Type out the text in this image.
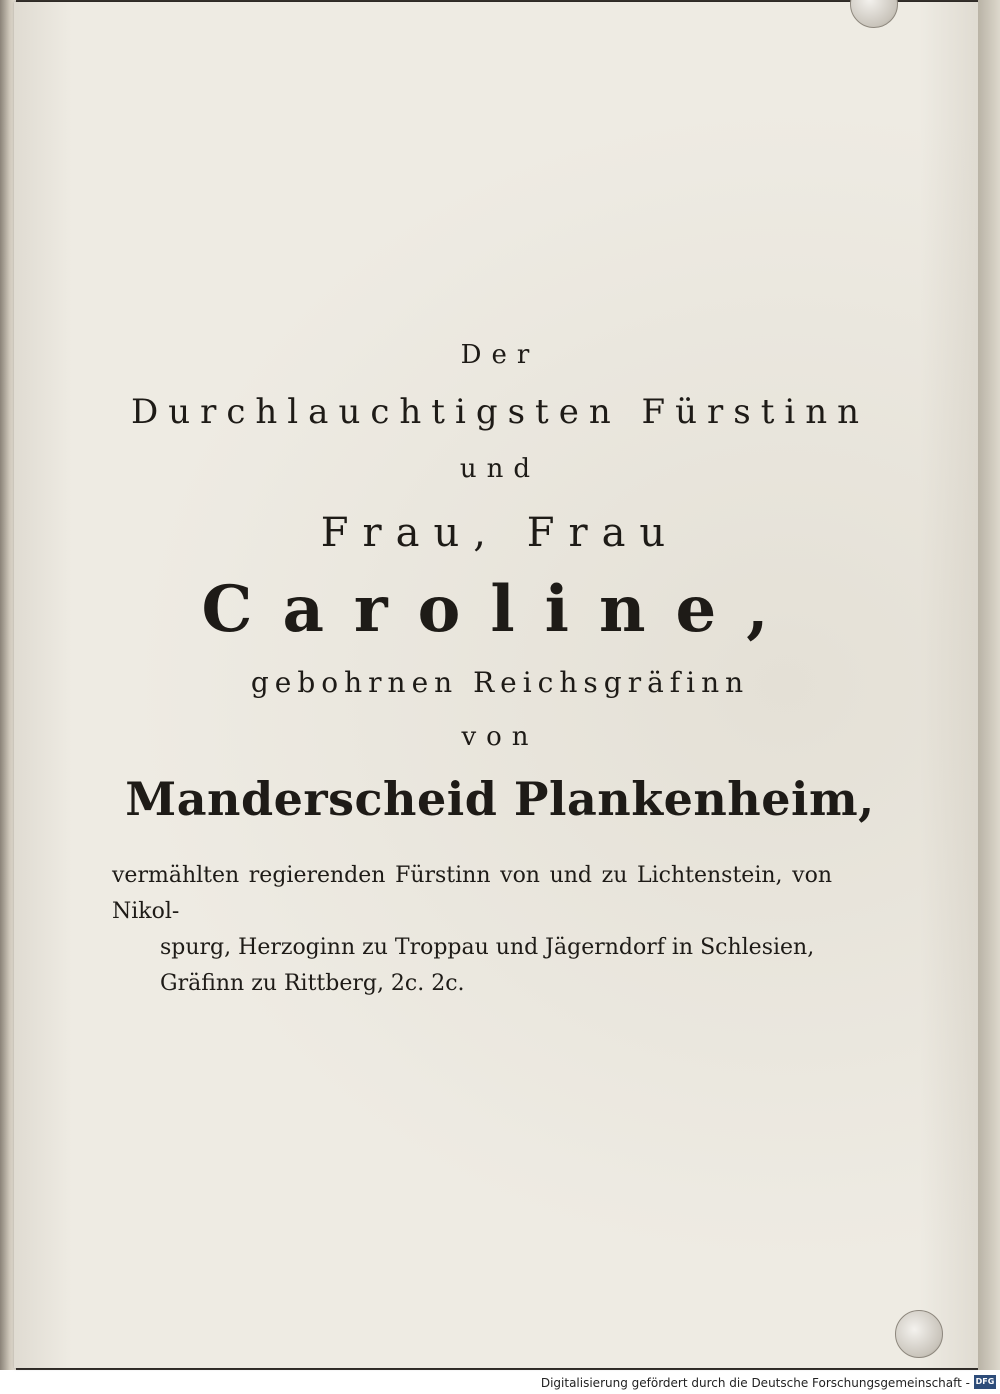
Der
Durchlauchtigsten Fürstinn
und
Frau, Frau
Caroline,
gebohrnen Reichsgräfinn
von
Manderscheid Plankenheim,
vermählten regierenden Fürstinn von und zu Lichtenstein, von Nikol-
spurg, Herzoginn zu Troppau und Jägerndorf in Schlesien,
Gräfinn zu Rittberg, 2c. 2c.
Digitalisierung gefördert durch die Deutsche Forschungsgemeinschaft - DFG
